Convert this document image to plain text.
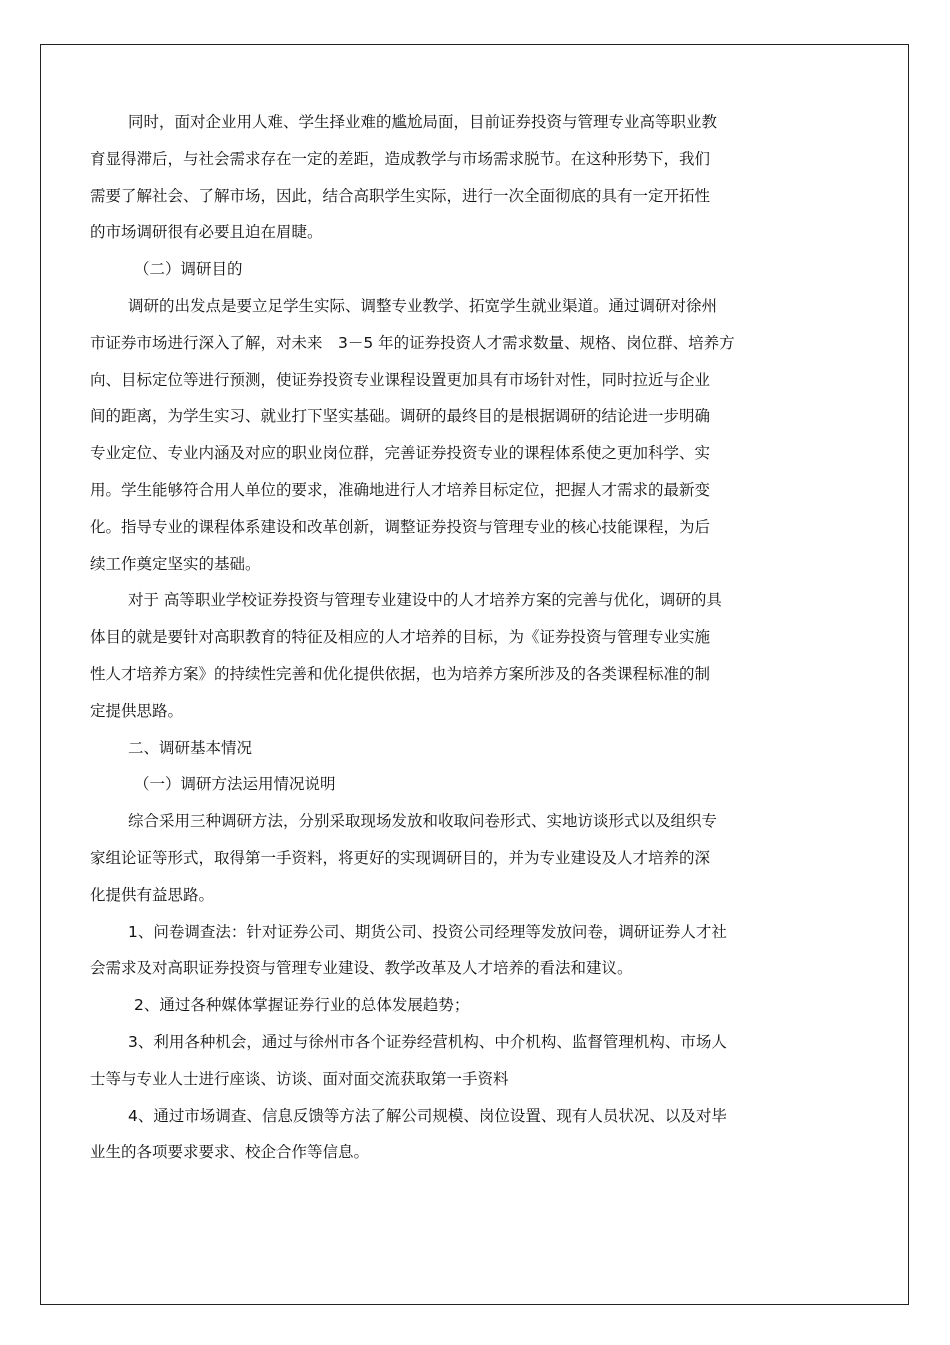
同时，面对企业用人难、学生择业难的尴尬局面，目前证券投资与管理专业高等职业教
育显得滞后，与社会需求存在一定的差距，造成教学与市场需求脱节。在这种形势下，我们
需要了解社会、了解市场，因此，结合高职学生实际，进行一次全面彻底的具有一定开拓性
的市场调研很有必要且迫在眉睫。
（二）调研目的
调研的出发点是要立足学生实际、调整专业教学、拓宽学生就业渠道。通过调研对徐州
市证券市场进行深入了解，对未来　3－5 年的证券投资人才需求数量、规格、岗位群、培养方
向、目标定位等进行预测，使证券投资专业课程设置更加具有市场针对性，同时拉近与企业
间的距离，为学生实习、就业打下坚实基础。调研的最终目的是根据调研的结论进一步明确
专业定位、专业内涵及对应的职业岗位群，完善证券投资专业的课程体系使之更加科学、实
用。学生能够符合用人单位的要求，准确地进行人才培养目标定位，把握人才需求的最新变
化。指导专业的课程体系建设和改革创新，调整证券投资与管理专业的核心技能课程，为后
续工作奠定坚实的基础。
对于 高等职业学校证券投资与管理专业建设中的人才培养方案的完善与优化，调研的具
体目的就是要针对高职教育的特征及相应的人才培养的目标，为《证券投资与管理专业实施
性人才培养方案》的持续性完善和优化提供依据，也为培养方案所涉及的各类课程标准的制
定提供思路。
二、调研基本情况
（一）调研方法运用情况说明
综合采用三种调研方法，分别采取现场发放和收取问卷形式、实地访谈形式以及组织专
家组论证等形式，取得第一手资料，将更好的实现调研目的，并为专业建设及人才培养的深
化提供有益思路。
1、问卷调查法：针对证券公司、期货公司、投资公司经理等发放问卷，调研证券人才社
会需求及对高职证券投资与管理专业建设、教学改革及人才培养的看法和建议。
2、通过各种媒体掌握证券行业的总体发展趋势；
3、利用各种机会，通过与徐州市各个证券经营机构、中介机构、监督管理机构、市场人
士等与专业人士进行座谈、访谈、面对面交流获取第一手资料
4、通过市场调查、信息反馈等方法了解公司规模、岗位设置、现有人员状况、以及对毕
业生的各项要求要求、校企合作等信息。
